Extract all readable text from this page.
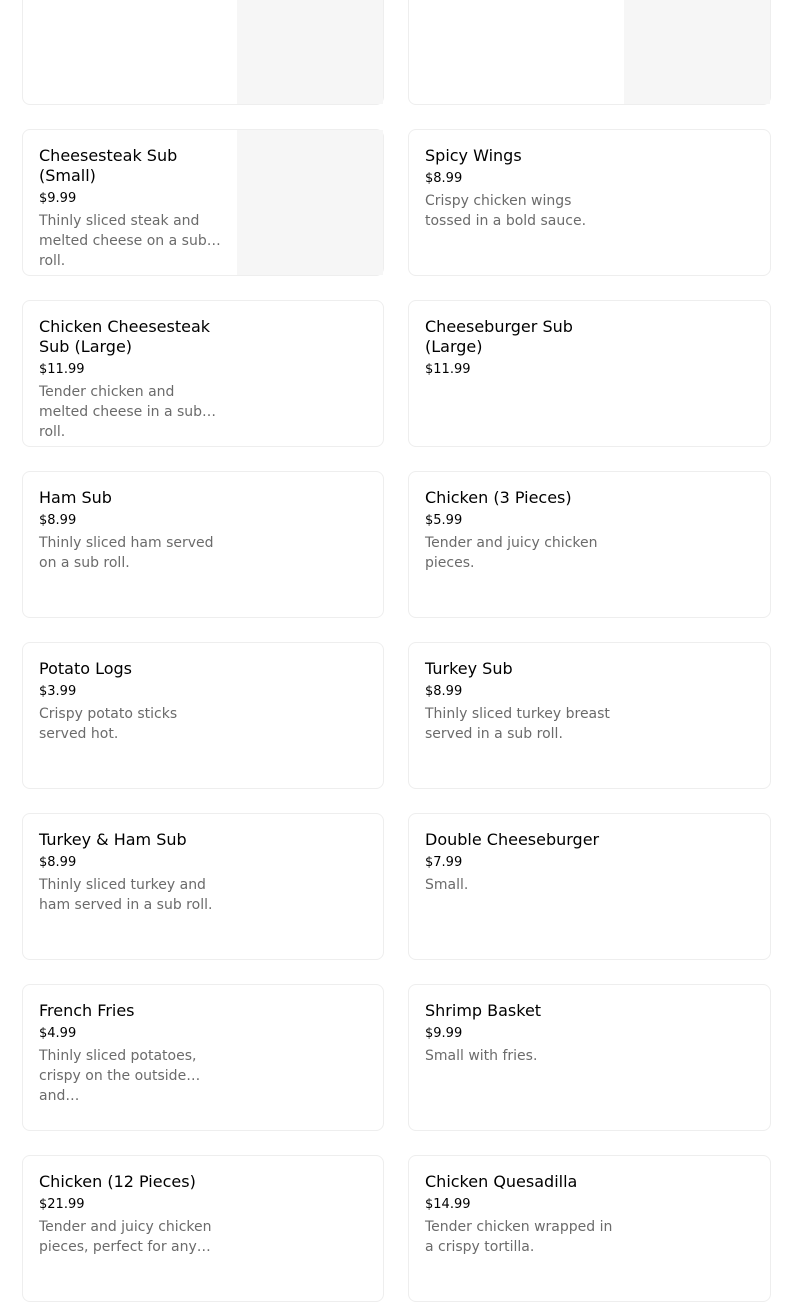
Cheesesteak Sub (Small)
$9.99
Thinly sliced steak and melted cheese on a sub roll.
Spicy Wings
$8.99
Crispy chicken wings tossed in a bold sauce.
Chicken Cheesesteak Sub (Large)
$11.99
Tender chicken and melted cheese in a sub roll.
Cheeseburger Sub (Large)
$11.99
Ham Sub
$8.99
Thinly sliced ham served on a sub roll.
Chicken (3 Pieces)
$5.99
Tender and juicy chicken pieces.
Potato Logs
$3.99
Crispy potato sticks served hot.
Turkey Sub
$8.99
Thinly sliced turkey breast served in a sub roll.
Turkey & Ham Sub
$8.99
Thinly sliced turkey and ham served in a sub roll.
Double Cheeseburger
$7.99
Small.
French Fries
$4.99
Thinly sliced potatoes, crispy on the outside and…
Shrimp Basket
$9.99
Small with fries.
Chicken (12 Pieces)
$21.99
Tender and juicy chicken pieces, perfect for any…
Chicken Quesadilla
$14.99
Tender chicken wrapped in a crispy tortilla.
